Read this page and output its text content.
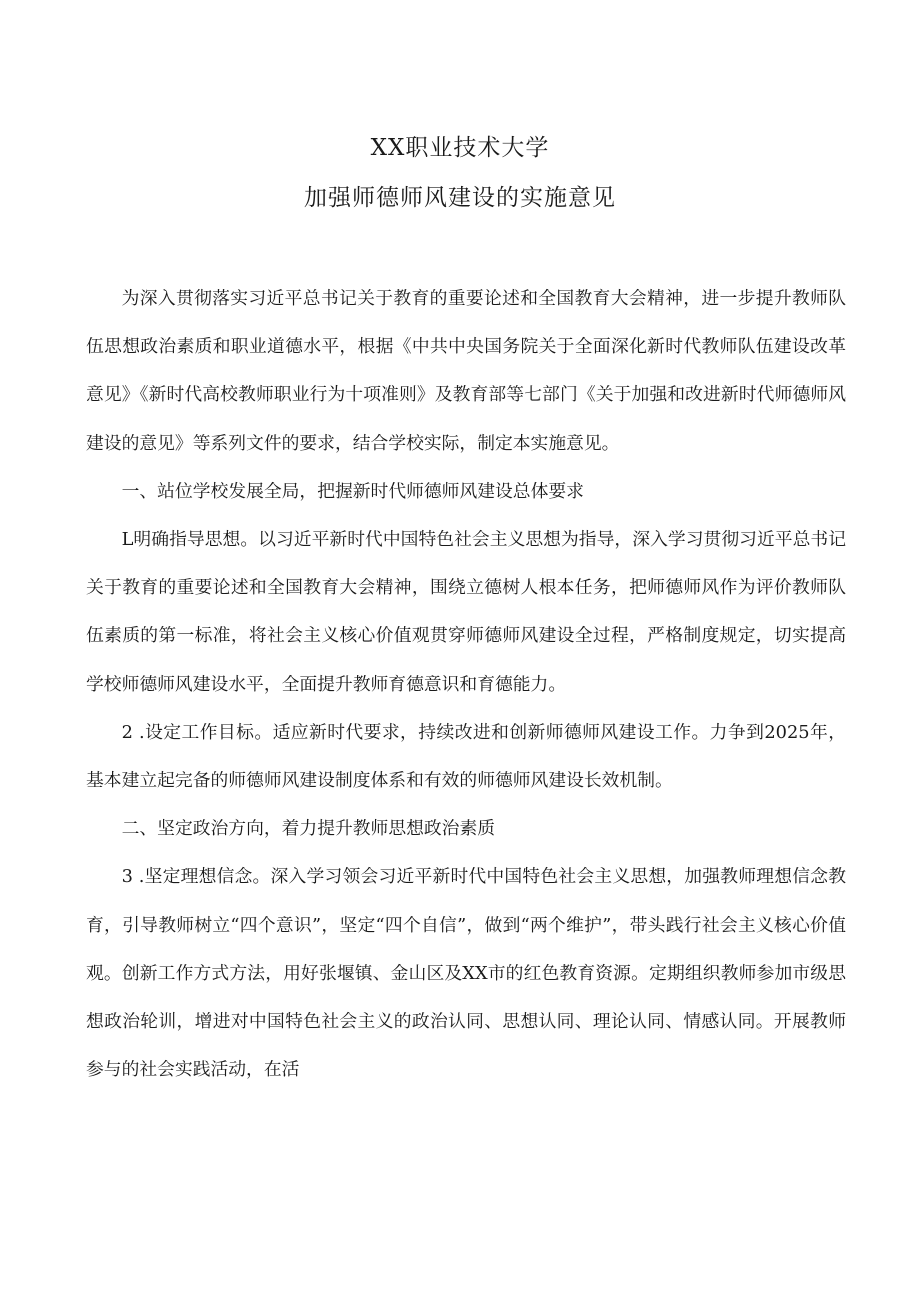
XX职业技术大学
加强师德师风建设的实施意见

为深入贯彻落实习近平总书记关于教育的重要论述和全国教育大会精神，进一步提升教师队伍思想政治素质和职业道德水平，根据《中共中央国务院关于全面深化新时代教师队伍建设改革意见》《新时代高校教师职业行为十项准则》及教育部等七部门《关于加强和改进新时代师德师风建设的意见》等系列文件的要求，结合学校实际，制定本实施意见。

一、站位学校发展全局，把握新时代师德师风建设总体要求

L明确指导思想。以习近平新时代中国特色社会主义思想为指导，深入学习贯彻习近平总书记关于教育的重要论述和全国教育大会精神，围绕立德树人根本任务，把师德师风作为评价教师队伍素质的第一标准，将社会主义核心价值观贯穿师德师风建设全过程，严格制度规定，切实提高学校师德师风建设水平，全面提升教师育德意识和育德能力。

2 .设定工作目标。适应新时代要求，持续改进和创新师德师风建设工作。力争到2025年，基本建立起完备的师德师风建设制度体系和有效的师德师风建设长效机制。

二、坚定政治方向，着力提升教师思想政治素质

3 .坚定理想信念。深入学习领会习近平新时代中国特色社会主义思想，加强教师理想信念教育，引导教师树立“四个意识”，坚定“四个自信”，做到“两个维护”，带头践行社会主义核心价值观。创新工作方式方法，用好张堰镇、金山区及XX市的红色教育资源。定期组织教师参加市级思想政治轮训，增进对中国特色社会主义的政治认同、思想认同、理论认同、情感认同。开展教师参与的社会实践活动，在活
